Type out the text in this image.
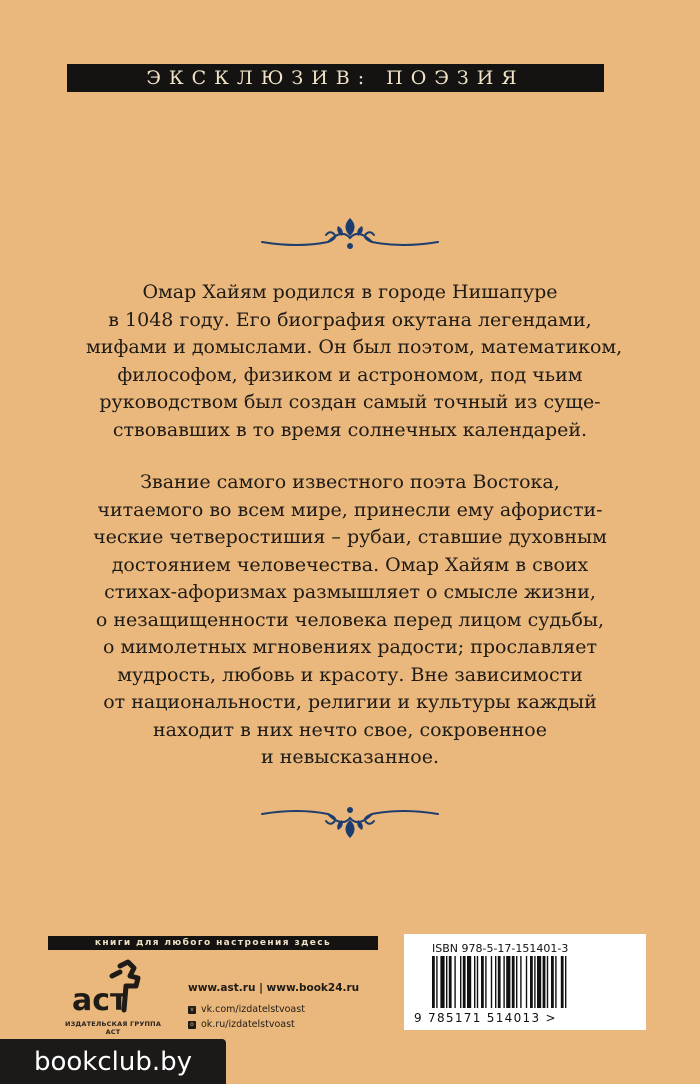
ЭКСКЛЮЗИВ: ПОЭЗИЯ
Омар Хайям родился в городе Нишапуре
в 1048 году. Его биография окутана легендами,
мифами и домыслами. Он был поэтом, математиком,
философом, физиком и астрономом, под чьим
руководством был создан самый точный из суще-
ствовавших в то время солнечных календарей.
Звание самого известного поэта Востока,
читаемого во всем мире, принесли ему афористи-
ческие четверостишия – рубаи, ставшие духовным
достоянием человечества. Омар Хайям в своих
стихах-афоризмах размышляет о смысле жизни,
о незащищенности человека перед лицом судьбы,
о мимолетных мгновениях радости; прославляет
мудрость, любовь и красоту. Вне зависимости
от национальности, религии и культуры каждый
находит в них нечто свое, сокровенное
и невысказанное.
книги для любого настроения здесь
аст
ИЗДАТЕЛЬСКАЯ ГРУППА АСТ
www.ast.ru | www.book24.ru
v vk.com/izdatelstvoast
o ok.ru/izdatelstvoast
ISBN 978-5-17-151401-3
9 785171 514013 >
bookclub.by
